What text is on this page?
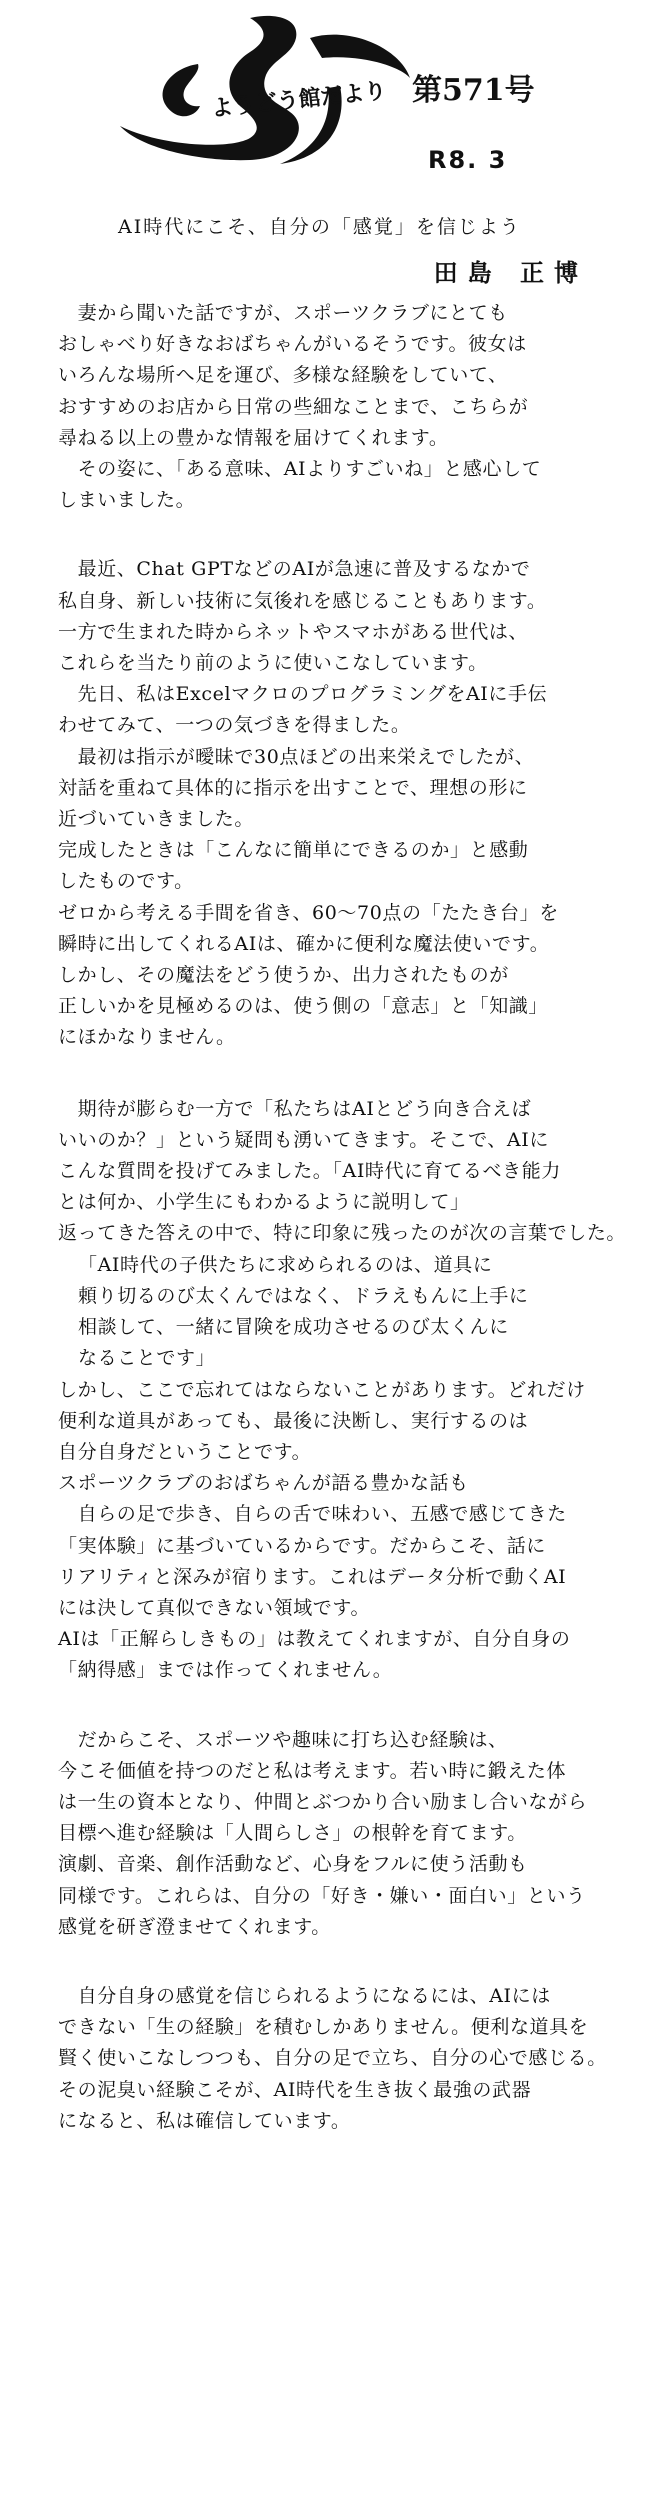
ようどう館だより 第571号
R8. 3
AI時代にこそ、自分の「感覚」を信じよう
田島 正博

　妻から聞いた話ですが、スポーツクラブにとても

おしゃべり好きなおばちゃんがいるそうです。彼女は

いろんな場所へ足を運び、多様な経験をしていて、

おすすめのお店から日常の些細なことまで、こちらが

尋ねる以上の豊かな情報を届けてくれます。

　その姿に、「ある意味、AIよりすごいね」と感心して

しまいました。

　最近、Chat GPTなどのAIが急速に普及するなかで

私自身、新しい技術に気後れを感じることもあります。

一方で生まれた時からネットやスマホがある世代は、

これらを当たり前のように使いこなしています。

　先日、私はExcelマクロのプログラミングをAIに手伝

わせてみて、一つの気づきを得ました。

　最初は指示が曖昧で30点ほどの出来栄えでしたが、

対話を重ねて具体的に指示を出すことで、理想の形に

近づいていきました。

完成したときは「こんなに簡単にできるのか」と感動

したものです。

ゼロから考える手間を省き、60〜70点の「たたき台」を

瞬時に出してくれるAIは、確かに便利な魔法使いです。

しかし、その魔法をどう使うか、出力されたものが

正しいかを見極めるのは、使う側の「意志」と「知識」

にほかなりません。

　期待が膨らむ一方で「私たちはAIとどう向き合えば

いいのか？」という疑問も湧いてきます。そこで、AIに

こんな質問を投げてみました。「AI時代に育てるべき能力

とは何か、小学生にもわかるように説明して」

返ってきた答えの中で、特に印象に残ったのが次の言葉でした。

「AI時代の子供たちに求められるのは、道具に

頼り切るのび太くんではなく、ドラえもんに上手に

相談して、一緒に冒険を成功させるのび太くんに

なることです」

しかし、ここで忘れてはならないことがあります。どれだけ

便利な道具があっても、最後に決断し、実行するのは

自分自身だということです。

スポーツクラブのおばちゃんが語る豊かな話も

　自らの足で歩き、自らの舌で味わい、五感で感じてきた

「実体験」に基づいているからです。だからこそ、話に

リアリティと深みが宿ります。これはデータ分析で動くAI

には決して真似できない領域です。

AIは「正解らしきもの」は教えてくれますが、自分自身の

「納得感」までは作ってくれません。

　だからこそ、スポーツや趣味に打ち込む経験は、

今こそ価値を持つのだと私は考えます。若い時に鍛えた体

は一生の資本となり、仲間とぶつかり合い励まし合いながら

目標へ進む経験は「人間らしさ」の根幹を育てます。

演劇、音楽、創作活動など、心身をフルに使う活動も

同様です。これらは、自分の「好き・嫌い・面白い」という

感覚を研ぎ澄ませてくれます。

　自分自身の感覚を信じられるようになるには、AIには

できない「生の経験」を積むしかありません。便利な道具を

賢く使いこなしつつも、自分の足で立ち、自分の心で感じる。

その泥臭い経験こそが、AI時代を生き抜く最強の武器

になると、私は確信しています。
